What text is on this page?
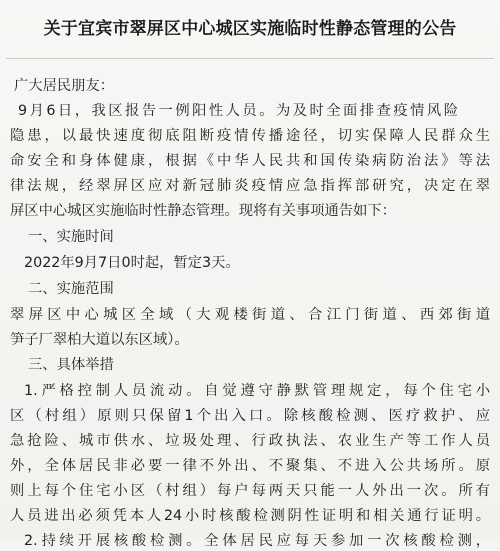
关于宜宾市翠屏区中心城区实施临时性静态管理的公告
广大居民朋友：
9月6日，我区报告一例阳性人员。为及时全面排查疫情风险
隐患，以最快速度彻底阻断疫情传播途径，切实保障人民群众生
命安全和身体健康，根据《中华人民共和国传染病防治法》等法
律法规，经翠屏区应对新冠肺炎疫情应急指挥部研究，决定在翠
屏区中心城区实施临时性静态管理。现将有关事项通告如下：
一、实施时间
2022年9月7日0时起，暂定3天。
二、实施范围
翠屏区中心城区全域（大观楼街道、合江门街道、西郊街道
笋子厂翠柏大道以东区域）。
三、具体举措
1.严格控制人员流动。自觉遵守静默管理规定，每个住宅小
区（村组）原则只保留1个出入口。除核酸检测、医疗救护、应
急抢险、城市供水、垃圾处理、行政执法、农业生产等工作人员
外，全体居民非必要一律不外出、不聚集、不进入公共场所。原
则上每个住宅小区（村组）每户每两天只能一人外出一次。所有
人员进出必须凭本人24小时核酸检测阴性证明和相关通行证明。
2.持续开展核酸检测。全体居民应每天参加一次核酸检测，
